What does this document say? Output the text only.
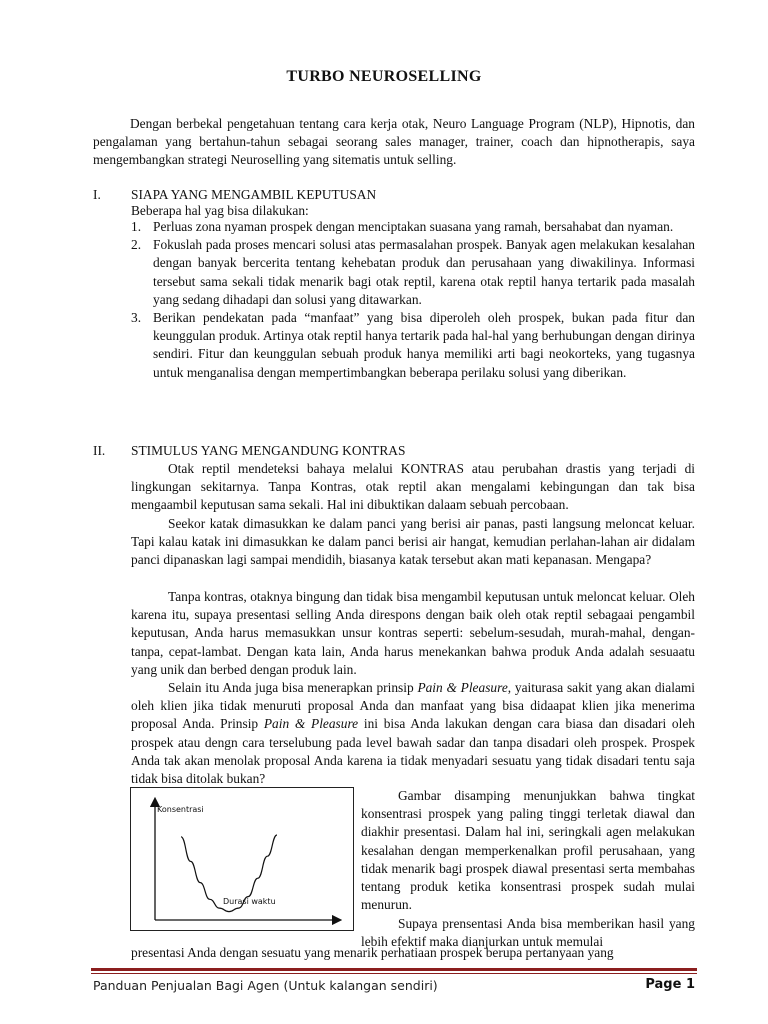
TURBO NEUROSELLING
Dengan berbekal pengetahuan tentang cara kerja otak, Neuro Language Program (NLP), Hipnotis, dan pengalaman yang bertahun-tahun sebagai seorang sales manager, trainer, coach dan hipnotherapis, saya mengembangkan strategi Neuroselling yang sitematis untuk selling.
I. SIAPA YANG MENGAMBIL KEPUTUSAN
Beberapa hal yag bisa dilakukan:
1. Perluas zona nyaman prospek dengan menciptakan suasana yang ramah, bersahabat dan nyaman.
2. Fokuslah pada proses mencari solusi atas permasalahan prospek. Banyak agen melakukan kesalahan dengan banyak bercerita tentang kehebatan produk dan perusahaan yang diwakilinya. Informasi tersebut sama sekali tidak menarik bagi otak reptil, karena otak reptil hanya tertarik pada masalah yang sedang dihadapi dan solusi yang ditawarkan.
3. Berikan pendekatan pada “manfaat” yang bisa diperoleh oleh prospek, bukan pada fitur dan keunggulan produk. Artinya otak reptil hanya tertarik pada hal-hal yang berhubungan dengan dirinya sendiri. Fitur dan keunggulan sebuah produk hanya memiliki arti bagi neokorteks, yang tugasnya untuk menganalisa dengan mempertimbangkan beberapa perilaku solusi yang diberikan.
II. STIMULUS YANG MENGANDUNG KONTRAS
Otak reptil mendeteksi bahaya melalui KONTRAS atau perubahan drastis yang terjadi di lingkungan sekitarnya. Tanpa Kontras, otak reptil akan mengalami kebingungan dan tak bisa mengaambil keputusan sama sekali. Hal ini dibuktikan dalaam sebuah percobaan.
Seekor katak dimasukkan ke dalam panci yang berisi air panas, pasti langsung meloncat keluar. Tapi kalau katak ini dimasukkan ke dalam panci berisi air hangat, kemudian perlahan-lahan air didalam panci dipanaskan lagi sampai mendidih, biasanya katak tersebut akan mati kepanasan. Mengapa?
Tanpa kontras, otaknya bingung dan tidak bisa mengambil keputusan untuk meloncat keluar. Oleh karena itu, supaya presentasi selling Anda direspons dengan baik oleh otak reptil sebagaai pengambil keputusan, Anda harus memasukkan unsur kontras seperti: sebelum-sesudah, murah-mahal, dengan-tanpa, cepat-lambat. Dengan kata lain, Anda harus menekankan bahwa produk Anda adalah sesuaatu yang unik dan berbed dengan produk lain.
Selain itu Anda juga bisa menerapkan prinsip Pain & Pleasure, yaiturasa sakit yang akan dialami oleh klien jika tidak menuruti proposal Anda dan manfaat yang bisa didaapat klien jika menerima proposal Anda. Prinsip Pain & Pleasure ini bisa Anda lakukan dengan cara biasa dan disadari oleh prospek atau dengn cara terselubung pada level bawah sadar dan tanpa disadari oleh prospek. Prospek Anda tak akan menolak proposal Anda karena ia tidak menyadari sesuatu yang tidak disadari tentu saja tidak bisa ditolak bukan?
Konsentrasi
Durasi waktu
Gambar disamping menunjukkan bahwa tingkat konsentrasi prospek yang paling tinggi terletak diawal dan diakhir presentasi. Dalam hal ini, seringkali agen melakukan kesalahan dengan memperkenalkan profil perusahaan, yang tidak menarik bagi prospek diawal presentasi serta membahas tentang produk ketika konsentrasi prospek sudah mulai menurun.
Supaya prensentasi Anda bisa memberikan hasil yang lebih efektif maka dianjurkan untuk memulai
presentasi Anda dengan sesuatu yang menarik perhatiaan prospek berupa pertanyaan yang
Panduan Penjualan Bagi Agen (Untuk kalangan sendiri)	Page 1
